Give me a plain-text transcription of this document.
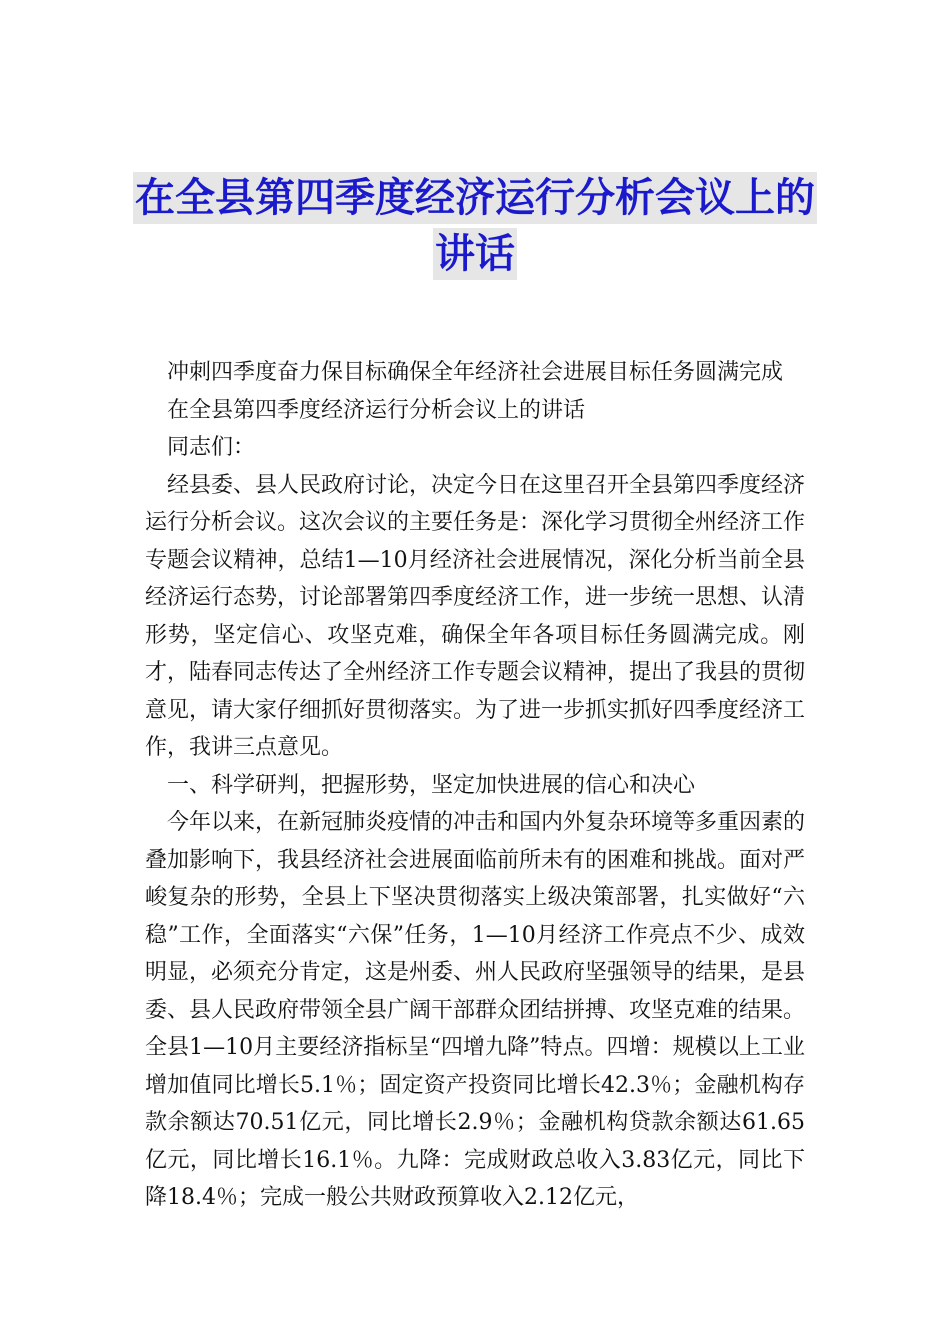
在全县第四季度经济运行分析会议上的
讲话

冲刺四季度奋力保目标确保全年经济社会进展目标任务圆满完成

在全县第四季度经济运行分析会议上的讲话

同志们：

经县委、县人民政府讨论，决定今日在这里召开全县第四季度经济运行分析会议。这次会议的主要任务是：深化学习贯彻全州经济工作专题会议精神，总结1—10月经济社会进展情况，深化分析当前全县经济运行态势，讨论部署第四季度经济工作，进一步统一思想、认清形势，坚定信心、攻坚克难，确保全年各项目标任务圆满完成。刚才，陆春同志传达了全州经济工作专题会议精神，提出了我县的贯彻意见，请大家仔细抓好贯彻落实。为了进一步抓实抓好四季度经济工作，我讲三点意见。

一、科学研判，把握形势，坚定加快进展的信心和决心

今年以来，在新冠肺炎疫情的冲击和国内外复杂环境等多重因素的叠加影响下，我县经济社会进展面临前所未有的困难和挑战。面对严峻复杂的形势，全县上下坚决贯彻落实上级决策部署，扎实做好“六稳”工作，全面落实“六保”任务，1—10月经济工作亮点不少、成效明显，必须充分肯定，这是州委、州人民政府坚强领导的结果，是县委、县人民政府带领全县广阔干部群众团结拼搏、攻坚克难的结果。全县1—10月主要经济指标呈“四增九降”特点。四增：规模以上工业增加值同比增长5.1％；固定资产投资同比增长42.3％；金融机构存款余额达70.51亿元，同比增长2.9％；金融机构贷款余额达61.65亿元，同比增长16.1％。九降：完成财政总收入3.83亿元，同比下降18.4％；完成一般公共财政预算收入2.12亿元，
